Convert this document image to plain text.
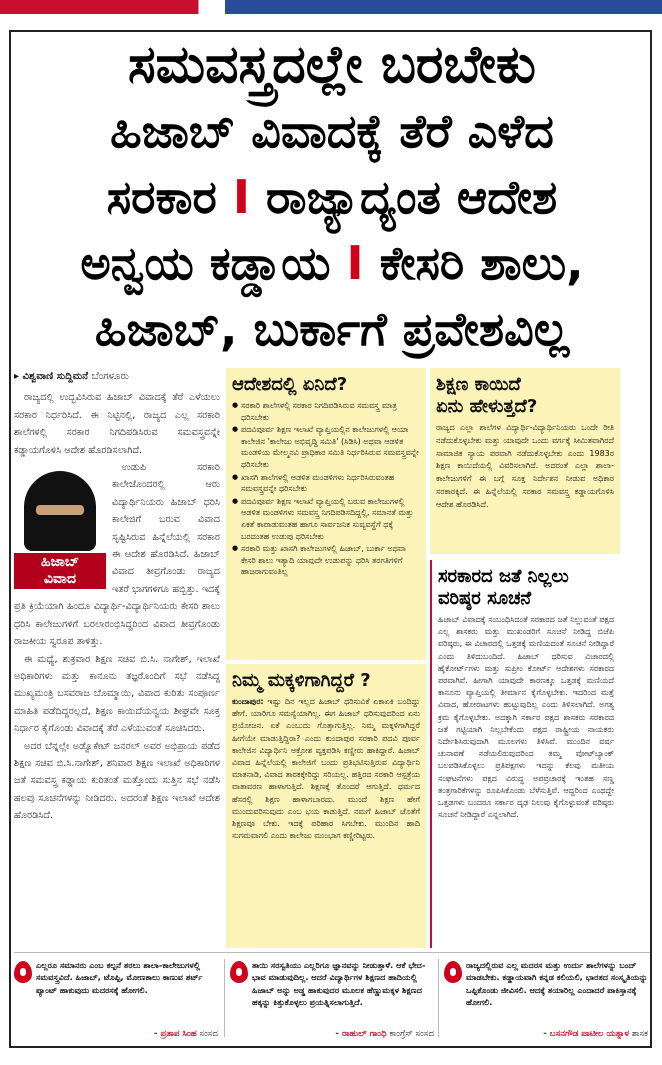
ಸಮವಸ್ತ್ರದಲ್ಲೇ ಬರಬೇಕು
ಹಿಜಾಬ್ ವಿವಾದಕ್ಕೆ ತೆರೆ ಎಳೆದ
ಸರಕಾರ I ರಾಜ್ಯಾದ್ಯಂತ ಆದೇಶ
ಅನ್ವಯ ಕಡ್ಡಾಯ I ಕೇಸರಿ ಶಾಲು,
ಹಿಜಾಬ್, ಬುರ್ಕಾಗೆ ಪ್ರವೇಶವಿಲ್ಲ
▸ ವಿಶ್ವವಾಣಿ ಸುದ್ದಿಮನೆ ಬೆಂಗಳೂರು

ರಾಜ್ಯದಲ್ಲಿ ಉದ್ಭವಿಸಿರುವ ಹಿಜಾಬ್ ವಿವಾದಕ್ಕೆ ತೆರೆ ಎಳೆಯಲು ಸರಕಾರ ನಿರ್ಧರಿಸಿದೆ. ಈ ನಿಟ್ಟಿನಲ್ಲಿ, ರಾಜ್ಯದ ಎಲ್ಲ ಸರಕಾರಿ ಶಾಲೆಗಳಲ್ಲಿ ಸರಕಾರ ನಿಗದಿಪಡಿಸಿರುವ ಸಮವಸ್ತ್ರವನ್ನೇ ಕಡ್ಡಾಯಗೊಳಿಸಿ ಆದೇಶ ಹೊರಡಿಸಲಾಗಿದೆ.

ಹಿಜಾಬ್
ವಿವಾದ

ಉಡುಪಿ ಸರಕಾರಿ ಕಾಲೇಜೊಂದರಲ್ಲಿ ಆರು ವಿದ್ಯಾರ್ಥಿನಿಯರು ಹಿಜಾಬ್ ಧರಿಸಿ ಕಾಲೇಜಿಗೆ ಬರುವ ವಿವಾದ ಸೃಷ್ಟಿಸಿರುವ ಹಿನ್ನೆಲೆಯಲ್ಲಿ ಸರಕಾರ ಈ ಆದೇಶ ಹೊರಡಿಸಿದೆ. ಹಿಜಾಬ್ ವಿವಾದ ತೀವ್ರಗೊಂಡು ರಾಜ್ಯದ ಇತರೆ ಭಾಗಗಳಿಗೂ ಹಬ್ಬಿತ್ತು. ಇದಕ್ಕೆ ಪ್ರತಿ ಕ್ರಿಯೆಯಾಗಿ ಹಿಂದೂ ವಿದ್ಯಾರ್ಥಿ-ವಿದ್ಯಾರ್ಥಿನಿಯರು ಕೇಸರಿ ಶಾಲು ಧರಿಸಿ ಕಾಲೇಜುಗಳಿಗೆ ಬರಲಾರಂಭಿಸಿದ್ದರಿಂದ ವಿವಾದ ತೀವ್ರಗೊಂಡು ರಾಜಕೀಯ ಸ್ವರೂಪ ತಾಳಿತ್ತು.

ಈ ಮಧ್ಯೆ, ಶುಕ್ರವಾರ ಶಿಕ್ಷಣ ಸಚಿವ ಬಿ.ಸಿ. ನಾಗೇಶ್, ಇಲಾಖೆ ಅಧಿಕಾರಿಗಳು ಮತ್ತು ಕಾನೂನು ತಜ್ಞರೊಂದಿಗೆ ಸಭೆ ನಡೆಸಿದ್ದ ಮುಖ್ಯಮಂತ್ರಿ ಬಸವರಾಜ ಬೊಮ್ಮಾಯಿ, ವಿವಾದ ಕುರಿತು ಸಂಪೂರ್ಣ ಮಾಹಿತಿ ಪಡೆದಿದ್ದರಲ್ಲದೆ, ಶಿಕ್ಷಣ ಕಾಯಿದೆಯನ್ವಯ ಶೀಘ್ರವೇ ಸೂಕ್ತ ನಿರ್ಧಾರ ಕೈಗೊಂಡು ವಿವಾದಕ್ಕೆ ತೆರೆ ಎಳೆಯುವಂತೆ ಸೂಚಿಸಿದರು.

ಅದರ ಬೆನ್ನಲ್ಲೇ ಅಡ್ವೊಕೇಟ್ ಜನರಲ್ ಅವರ ಅಭಿಪ್ರಾಯ ಪಡೆದ ಶಿಕ್ಷಣ ಸಚಿವ ಬಿ.ಸಿ.ನಾಗೇಶ್, ಶನಿವಾರ ಶಿಕ್ಷಣ ಇಲಾಖೆ ಅಧಿಕಾರಿಗಳ ಜತೆ ಸಮವಸ್ತ್ರ ಕಡ್ಡಾಯ ಕುರಿತಂತೆ ಮತ್ತೊಂದು ಸುತ್ತಿನ ಸಭೆ ನಡೆಸಿ ಹಲವು ಸೂಚನೆಗಳನ್ನು ನೀಡಿದರು. ಅದರಂತೆ ಶಿಕ್ಷಣ ಇಲಾಖೆ ಆದೇಶ ಹೊರಡಿಸಿದೆ.

ಆದೇಶದಲ್ಲಿ ಏನಿದೆ?
● ಸರಕಾರಿ ಶಾಲೆಗಳಲ್ಲಿ ಸರಕಾರ ನಿಗದಿಪಡಿಸಿರುವ ಸಮವಸ್ತ್ರ ಮಾತ್ರ ಧರಿಸಬೇಕು
● ಪದವಿಪೂರ್ವ ಶಿಕ್ಷಣ ಇಲಾಖೆ ವ್ಯಾಪ್ತಿಯಲ್ಲಿನ ಕಾಲೇಜುಗಳಲ್ಲಿ ಆಯಾ ಕಾಲೇಜಿನ 'ಕಾಲೇಜು ಅಭಿವೃದ್ಧಿ ಸಮಿತಿ' (ಸಿಡಿಸಿ) ಅಥವಾ ಆಡಳಿತ ಮಂಡಳಿಯ ಮೇಲ್ಮನವಿ ಪ್ರಾಧಿಕಾರ ಸಮಿತಿ ನಿರ್ಧರಿಸಿರುವ ಸಮವಸ್ತ್ರವನ್ನೇ ಧರಿಸಬೇಕು
● ಖಾಸಗಿ ಶಾಲೆಗಳಲ್ಲಿ ಆಡಳಿತ ಮಂಡಳಿಗಳು ನಿರ್ಧರಿಸಿರುವಂತಹ ಸಮವಸ್ತ್ರವನ್ನೇ ಧರಿಸಬೇಕು
● ಪದವಿಪೂರ್ವ ಶಿಕ್ಷಣ ಇಲಾಖೆ ವ್ಯಾಪ್ತಿಯಲ್ಲಿ ಬರುವ ಕಾಲೇಜುಗಳಲ್ಲಿ ಆಡಳಿತ ಮಂಡಳಿಗಳು ಸಮವಸ್ತ್ರ ನಿಗದಿಪಡಿಸದಿದ್ದಲ್ಲಿ, ಸಮಾನತೆ ಮತ್ತು ಏಕತೆ ಕಾಪಾಡುವಂತಹ ಹಾಗೂ ಸಾರ್ವಜನಿಕ ಸುವ್ಯವಸ್ಥೆಗೆ ಧಕ್ಕೆ ಬರದಂತಹ ಉಡುಪು ಧರಿಸಬೇಕು
● ಸರಕಾರಿ ಮತ್ತು ಖಾಸಗಿ ಕಾಲೇಜುಗಳಲ್ಲಿ ಹಿಜಾಬ್, ಬುರ್ಕಾ ಅಥವಾ ಕೇಸರಿ ಶಾಲು ಇತ್ಯಾದಿ ಯಾವುದೇ ಉಡುಪನ್ನು ಧರಿಸಿ ತರಗತಿಗಳಿಗೆ ಹಾಜರಾಗುವಂತಿಲ್ಲ
ನಿಮ್ಮ ಮಕ್ಕಳಿಗಾಗಿದ್ದರೆ ?

ಕುಂದಾಪುರ: ಇಷ್ಟು ದಿನ ಇಲ್ಲದ ಹಿಜಾಬ್ ಧರಿಸುವಿಕೆ ಏಕಾಏಕಿ ಬಂದಿದ್ದು ಹೇಗೆ. ಯಾರಿಗೂ ಸಮಸ್ಯೆಯಾಗಿಲ್ಲ. ಈಗ ಹಿಜಾಬ್ ಧರಿಸುವುದರಿಂದ ಏನು ಪ್ರಯೋಜನ. ಏಕೆ ಎಂಬುದು ಗೊತ್ತಾಗುತ್ತಿಲ್ಲ. ನಿಮ್ಮ ಮಕ್ಕಳಿಗಾಗಿದ್ದರೆ ಹೀಗೆಯೇ ಮಾಡುತ್ತಿದ್ದಿರಾ? ಎಂದು ಕುಂದಾಪುರ ಸರಕಾರಿ ಪದವಿ ಪೂರ್ವ ಕಾಲೇಜಿನ ವಿದ್ಯಾರ್ಥಿನಿ ಆಕ್ರೋಶ ವ್ಯಕ್ತಪಡಿಸಿ ಕಣ್ಣೀರು ಹಾಕಿದ್ದಾರೆ. ಹಿಜಾಬ್ ವಿವಾದ ಹಿನ್ನೆಲೆಯಲ್ಲಿ ಕಾಲೇಜಿಗೆ ಬಂದು ಪ್ರತಿಭಟಿಸುತ್ತಿರುವ ವಿದ್ಯಾರ್ಥಿನಿ ಮಾತನಾಡಿ, ವಿವಾದ ತಾರಕಕ್ಕೇರಿದ್ದು ಸರಿಯಲ್ಲ. ಹತ್ತಿರದ ಸರಕಾರಿ ಆಸ್ಪತ್ರೆಯ ವಾತಾವರಣ ಹಾಳಾಗುತ್ತಿದೆ. ಶಿಕ್ಷಣಕ್ಕೆ ತೊಂದರೆ ಆಗುತ್ತಿದೆ. ಧರ್ಮದ ಹೆಸರಲ್ಲಿ ಶಿಕ್ಷಣ ಹಾಳಾಗಬಾರದು. ಮುಂದೆ ಶಿಕ್ಷಣ ಹೇಗೆ ಮುಂದುವರಿಸುವುದು ಎಂಬ ಭಯ ಕಾಡುತ್ತಿದೆ. ನಮಗೆ ಹಿಜಾಬ್ ಜೊತೆಗೆ ಶಿಕ್ಷಣವೂ ಬೇಕು. ಇದಕ್ಕೆ ಪರಿಹಾರ ಸಿಗಬೇಕು. ಮುಂದಿನ ಹಾದಿ ಸುಗಮವಾಗಲಿ ಎಂದು ಕಾಲೇಜು ಮುಂಭಾಗ ಕಣ್ಣೀರಿಟ್ಟರು.

ಶಿಕ್ಷಣ ಕಾಯಿದೆ
ಏನು ಹೇಳುತ್ತದೆ?

ರಾಜ್ಯದ ಎಲ್ಲಾ ಶಾಲೆಗಳ ವಿದ್ಯಾರ್ಥಿ-ವಿದ್ಯಾರ್ಥಿನಿಯರು ಒಂದೇ ರೀತಿ ನಡೆದುಕೊಳ್ಳಬೇಕು ಮತ್ತು ಯಾವುದೇ ಒಂದು ವರ್ಗಕ್ಕೆ ಸೀಮಿತವಾಗಿರದೆ ಸಾಮಾಜಿಕ ನ್ಯಾಯ ಪರವಾಗಿ ನಡೆದುಕೊಳ್ಳಬೇಕು ಎಂದು 1983ರ ಶಿಕ್ಷಣ ಕಾಯಿದೆಯಲ್ಲಿ ವಿವರಿಸಲಾಗಿದೆ. ಅದರಂತೆ ಎಲ್ಲಾ ಶಾಲಾ-ಕಾಲೇಜುಗಳಿಗೆ ಈ ಬಗ್ಗೆ ಸೂಕ್ತ ನಿರ್ದೇಶನ ನೀಡುವ ಅಧಿಕಾರ ಸರಕಾರಕ್ಕಿದೆ. ಈ ಹಿನ್ನೆಲೆಯಲ್ಲಿ ಸರಕಾರ ಸಮವಸ್ತ್ರ ಕಡ್ಡಾಯಗೊಳಿಸಿ ಆದೇಶ ಹೊರಡಿಸಿದೆ.

ಸರಕಾರದ ಜತೆ ನಿಲ್ಲಲು
ವರಿಷ್ಠರ ಸೂಚನೆ

ಹಿಜಾಬ್ ವಿವಾದಕ್ಕೆ ಸಂಬಂಧಿಸಿದಂತೆ ಸರಕಾರದ ಜತೆ ನಿಲ್ಲುವಂತೆ ಪಕ್ಷದ ಎಲ್ಲ ಶಾಸಕರು ಮತ್ತು ಮುಖಂಡರಿಗೆ ಸೂಚನೆ ನೀಡಿದ್ದ ಬಿಜೆಪಿ ವರಿಷ್ಠರು, ಈ ವಿಚಾರದಲ್ಲಿ ಒತ್ತಡಕ್ಕೆ ಮಣಿಯದಂತೆ ಸೂಚನೆ ನೀಡಿದ್ದಾರೆ ಎಂದು ತಿಳಿದುಬಂದಿದೆ. ಹಿಜಾಬ್ ಧರಿಸುವ ವಿಚಾರದಲ್ಲಿ ಹೈಕೋರ್ಟ್‌ಗಳು ಮತ್ತು ಸುಪ್ರೀಂ ಕೋರ್ಟ್ ಆದೇಶಗಳು ಸರಕಾರದ ಪರವಾಗಿವೆ. ಹೀಗಾಗಿ ಯಾವುದೇ ಕಾರಣಕ್ಕೂ ಒತ್ತಡಕ್ಕೆ ಮಣಿಯದೆ ಕಾನೂನು ವ್ಯಾಪ್ತಿಯಲ್ಲಿ ತೀರ್ಮಾನ ಕೈಗೊಳ್ಳಬೇಕು. ಇದರಿಂದ ಮತ್ತೆ ವಿವಾದ, ಹೋರಾಟಗಳು ಹುಟ್ಟುವುದಿಲ್ಲ ಎಂದು ತಿಳಿಸಲಾಗಿದೆ. ಅಗತ್ಯ ಕ್ರಮ ಕೈಗೊಳ್ಳಬೇಕು. ಅದಕ್ಕಾಗಿ ಸರ್ಕಾರ ಪಕ್ಷದ ಶಾಸಕರು ಸರಕಾರದ ಜತೆ ಗಟ್ಟಿಯಾಗಿ ನಿಲ್ಲಬೇಕೆಂದು ಪಕ್ಷದ ರಾಷ್ಟ್ರೀಯ ನಾಯಕರು ನಿರ್ದೇಶಿಸಿರುವುದಾಗಿ ಮೂಲಗಳು ತಿಳಿಸಿವೆ. ಮುಂದಿನ ವರ್ಷ ಚುನಾವಣೆ ನಡೆಯಲಿರುವುದರಿಂದ ತಮ್ಮ ವೋಟ್‌ಬ್ಯಾಂಕ್ ಬಲಪಡಿಸಿಕೊಳ್ಳಲು ಪ್ರತಿಪಕ್ಷಗಳು ಇದನ್ನು ಕೆಲವು ಮತೀಯ ಸಂಘಟನೆಗಳು ಪಕ್ಷದ ವಿರುದ್ಧ ಅಪಪ್ರಚಾರಕ್ಕೆ ಇಂತಹ ಸಣ್ಣ ತಂತ್ರಗಾರಿಕೆಗಳನ್ನು ರೂಪಿಸಿಕೊಂಡು ಬೆಳೆಸುತ್ತಿವೆ. ಆದ್ದರಿಂದ ಎಂಥದ್ದೇ ಒತ್ತಡಗಳು ಬಂದರೂ ಸರ್ಕಾರ ದೃಢ ನಿಲುವು ಕೈಗೊಳ್ಳುವಂತೆ ವರಿಷ್ಠರು ಸೂಚನೆ ನೀಡಿದ್ದಾರೆ ಎನ್ನಲಾಗಿದೆ.

ಎಲ್ಲರೂ ಸಮಾನರು ಎಂಬ ಕಲ್ಪನೆ ತರಲು ಶಾಲಾ-ಕಾಲೇಜುಗಳಲ್ಲಿ ಸಮವಸ್ತ್ರವಿದೆ. ಹಿಜಾಬ್, ಟೊಪ್ಪಿ, ಮೋಣಕಾಲು ಕಾಣುವ ಶರ್ಟ್ ಪ್ಯಾಂಟ್ ಹಾಕುವುದು ಮದರಸಕ್ಕೆ ಹೋಗಲಿ.
- ಪ್ರತಾಪ ಸಿಂಹ ಸಂಸದ
ತಾಯಿ ಸರಸ್ವತಿಯು ಎಲ್ಲರಿಗೂ ಜ್ಞಾನವನ್ನು ನೀಡುತ್ತಾಳೆ. ಆಕೆ ಭೇದ-ಭಾವ ಮಾಡುವುದಿಲ್ಲ. ಆದರೆ ವಿದ್ಯಾರ್ಥಿಗಳ ಶಿಕ್ಷಣದ ಹಾದಿಯಲ್ಲಿ ಹಿಜಾಬ್ ಅನ್ನು ಅಡ್ಡ ಹಾಕುವುದರ ಮೂಲಕ ಹೆಣ್ಣುಮಕ್ಕಳ ಶಿಕ್ಷಣದ ಹಕ್ಕನ್ನು ಕಿತ್ತುಕೊಳ್ಳಲು ಪ್ರಯತ್ನಿಸಲಾಗುತ್ತಿದೆ.
- ರಾಹುಲ್ ಗಾಂಧಿ ಕಾಂಗ್ರೆಸ್ ಸಂಸದ
ರಾಜ್ಯದಲ್ಲಿರುವ ಎಲ್ಲ ಮದರಸ ಮತ್ತು ಉರ್ದು ಶಾಲೆಗಳನ್ನು ಬಂದ್ ಮಾಡಬೇಕು. ಕಡ್ಡಾಯವಾಗಿ ಕನ್ನಡ ಕಲಿಯಲಿ, ಭಾರತದ ಸಂಸ್ಕೃತಿಯನ್ನು ಒಪ್ಪಿಕೊಂಡು ಜೀವಿಸಲಿ. ಆದಕ್ಕೆ ತಯಾರಿಲ್ಲ ಎಂದಾದರೆ ಪಾಕಿಸ್ತಾನಕ್ಕೆ ಹೋಗಲಿ.
- ಬಸನಗೌಡ ಪಾಟೀಲ ಯತ್ನಾಳ ಶಾಸಕ
